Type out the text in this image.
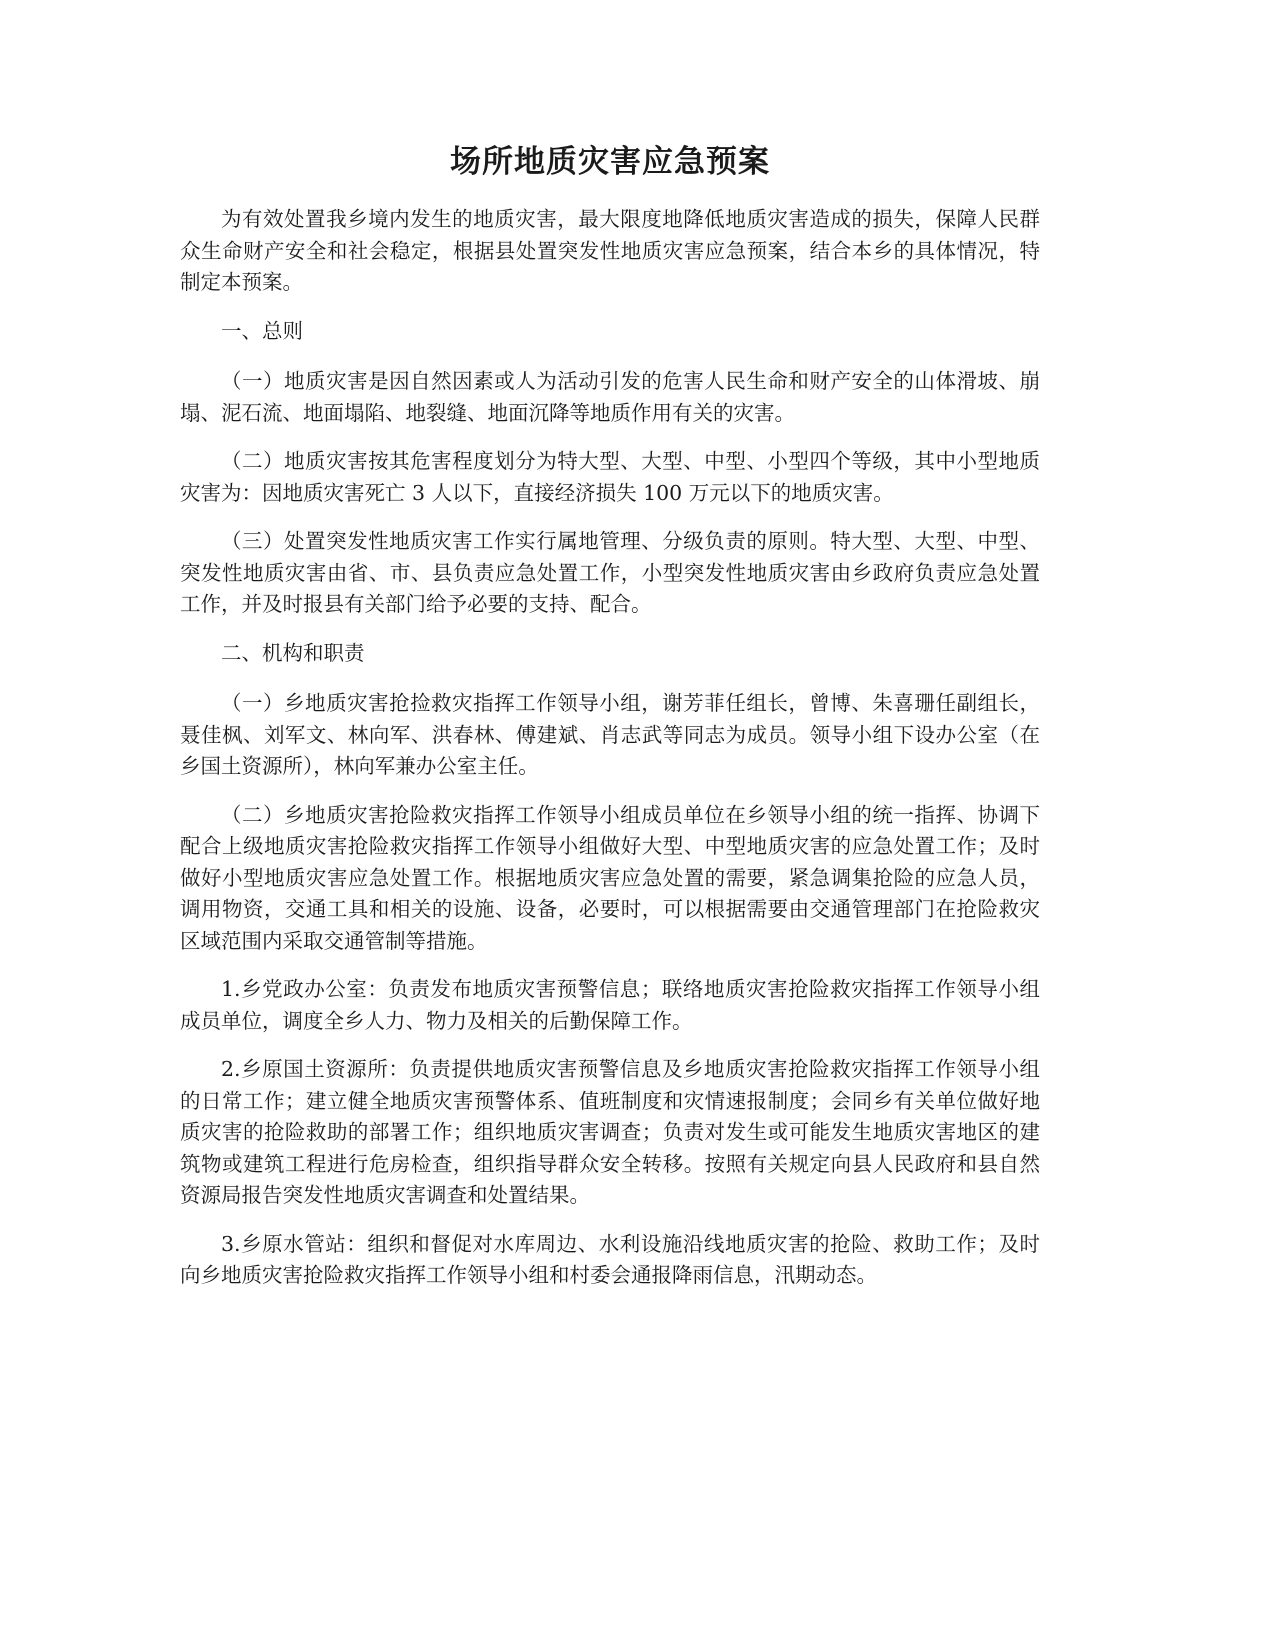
场所地质灾害应急预案

为有效处置我乡境内发生的地质灾害，最大限度地降低地质灾害造成的损失，保障人民群众生命财产安全和社会稳定，根据县处置突发性地质灾害应急预案，结合本乡的具体情况，特制定本预案。

一、总则

（一）地质灾害是因自然因素或人为活动引发的危害人民生命和财产安全的山体滑坡、崩塌、泥石流、地面塌陷、地裂缝、地面沉降等地质作用有关的灾害。

（二）地质灾害按其危害程度划分为特大型、大型、中型、小型四个等级，其中小型地质灾害为：因地质灾害死亡 3 人以下，直接经济损失 100 万元以下的地质灾害。

（三）处置突发性地质灾害工作实行属地管理、分级负责的原则。特大型、大型、中型、突发性地质灾害由省、市、县负责应急处置工作，小型突发性地质灾害由乡政府负责应急处置工作，并及时报县有关部门给予必要的支持、配合。

二、机构和职责

（一）乡地质灾害抢捡救灾指挥工作领导小组，谢芳菲任组长，曾博、朱喜珊任副组长，聂佳枫、刘军文、林向军、洪春林、傅建斌、肖志武等同志为成员。领导小组下设办公室（在乡国土资源所），林向军兼办公室主任。

（二）乡地质灾害抢险救灾指挥工作领导小组成员单位在乡领导小组的统一指挥、协调下配合上级地质灾害抢险救灾指挥工作领导小组做好大型、中型地质灾害的应急处置工作；及时做好小型地质灾害应急处置工作。根据地质灾害应急处置的需要，紧急调集抢险的应急人员，调用物资，交通工具和相关的设施、设备，必要时，可以根据需要由交通管理部门在抢险救灾区域范围内采取交通管制等措施。

1.乡党政办公室：负责发布地质灾害预警信息；联络地质灾害抢险救灾指挥工作领导小组成员单位，调度全乡人力、物力及相关的后勤保障工作。

2.乡原国土资源所：负责提供地质灾害预警信息及乡地质灾害抢险救灾指挥工作领导小组的日常工作；建立健全地质灾害预警体系、值班制度和灾情速报制度；会同乡有关单位做好地质灾害的抢险救助的部署工作；组织地质灾害调查；负责对发生或可能发生地质灾害地区的建筑物或建筑工程进行危房检查，组织指导群众安全转移。按照有关规定向县人民政府和县自然资源局报告突发性地质灾害调查和处置结果。

3.乡原水管站：组织和督促对水库周边、水利设施沿线地质灾害的抢险、救助工作；及时向乡地质灾害抢险救灾指挥工作领导小组和村委会通报降雨信息，汛期动态。
